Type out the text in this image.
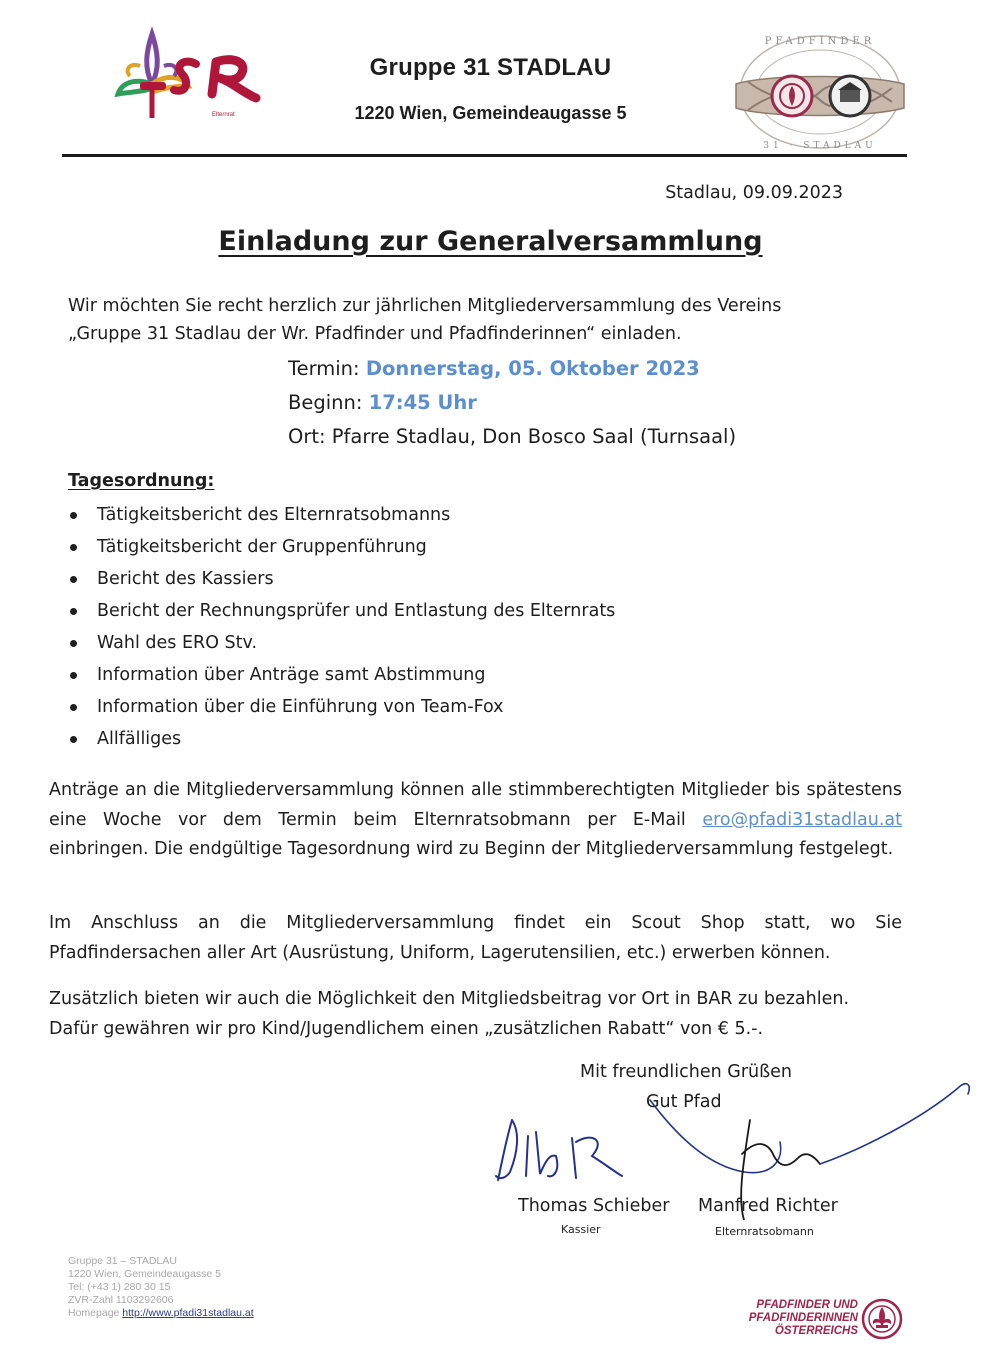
Elternrat
Gruppe 31 STADLAU
1220 Wien, Gemeindeaugasse 5
PFADFINDER
31 · STADLAU
Stadlau, 09.09.2023
Einladung zur Generalversammlung
Wir möchten Sie recht herzlich zur jährlichen Mitgliederversammlung des Vereins
„Gruppe 31 Stadlau der Wr. Pfadfinder und Pfadfinderinnen“ einladen.
Termin: Donnerstag, 05. Oktober 2023
Beginn: 17:45 Uhr
Ort: Pfarre Stadlau, Don Bosco Saal (Turnsaal)
Tagesordnung:
Tätigkeitsbericht des Elternratsobmanns
Tätigkeitsbericht der Gruppenführung
Bericht des Kassiers
Bericht der Rechnungsprüfer und Entlastung des Elternrats
Wahl des ERO Stv.
Information über Anträge samt Abstimmung
Information über die Einführung von Team-Fox
Allfälliges
Anträge an die Mitgliederversammlung können alle stimmberechtigten Mitglieder bis spätestens eine Woche vor dem Termin beim Elternratsobmann per E-Mail ero@pfadi31stadlau.at einbringen. Die endgültige Tagesordnung wird zu Beginn der Mitgliederversammlung festgelegt.
Im Anschluss an die Mitgliederversammlung findet ein Scout Shop statt, wo Sie Pfadfindersachen aller Art (Ausrüstung, Uniform, Lagerutensilien, etc.) erwerben können.
Zusätzlich bieten wir auch die Möglichkeit den Mitgliedsbeitrag vor Ort in BAR zu bezahlen.
Dafür gewähren wir pro Kind/Jugendlichem einen „zusätzlichen Rabatt“ von € 5.-.
Mit freundlichen Grüßen
Gut Pfad
Thomas Schieber
Kassier
Manfred Richter
Elternratsobmann
Gruppe 31 – STADLAU
1220 Wien, Gemeindeaugasse 5
Tel: (+43 1) 280 30 15
ZVR-Zahl 1103292606
Homepage http://www.pfadi31stadlau.at
PFADFINDER UND
PFADFINDERINNEN
ÖSTERREICHS
